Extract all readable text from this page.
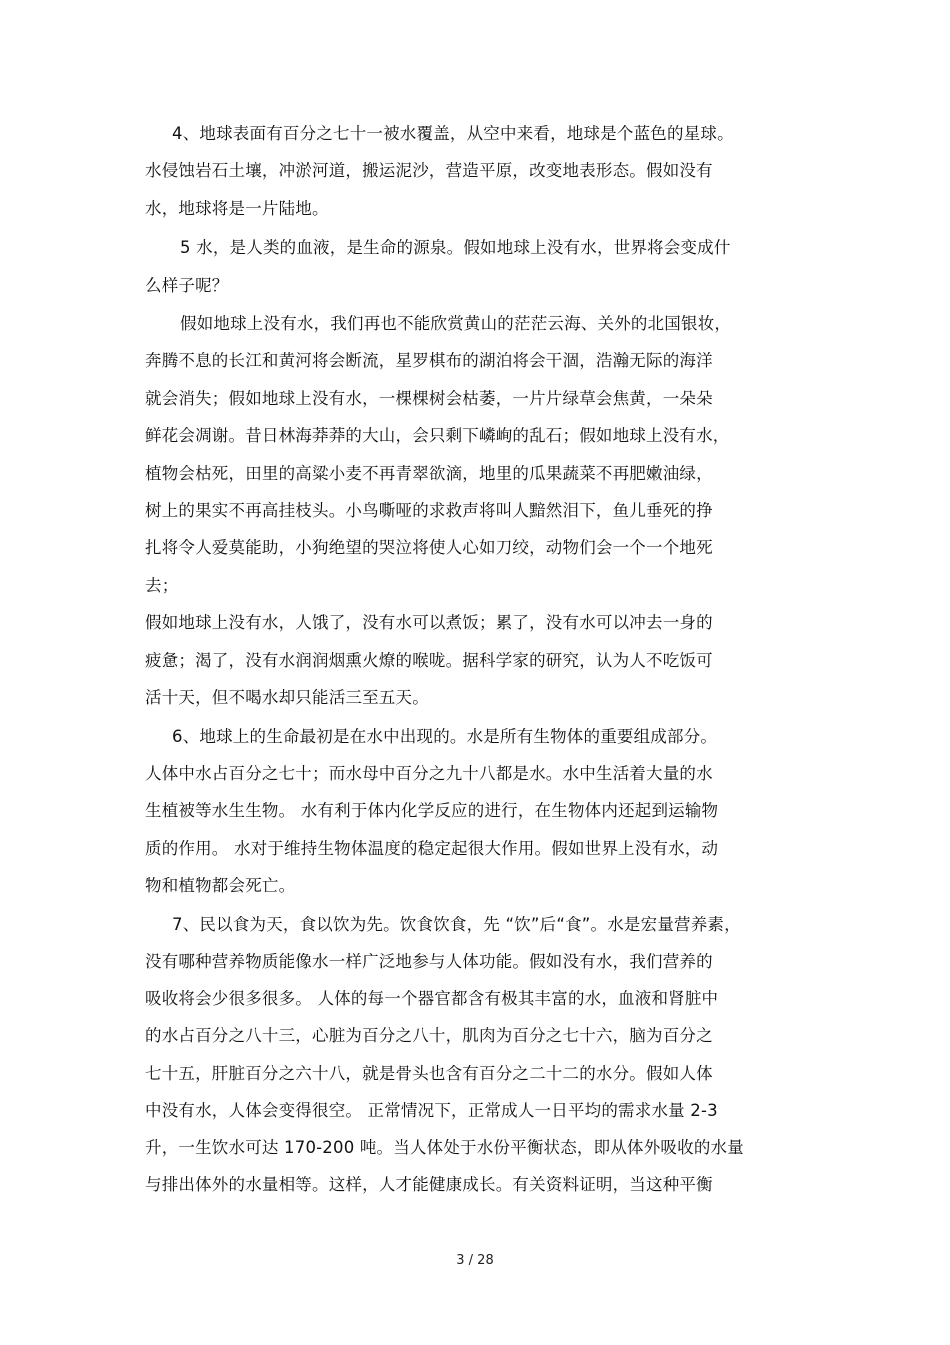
4、地球表面有百分之七十一被水覆盖，从空中来看，地球是个蓝色的星球。
水侵蚀岩石土壤，冲淤河道，搬运泥沙，营造平原，改变地表形态。假如没有
水，地球将是一片陆地。
5 水，是人类的血液，是生命的源泉。假如地球上没有水，世界将会变成什
么样子呢？
假如地球上没有水，我们再也不能欣赏黄山的茫茫云海、关外的北国银妆，
奔腾不息的长江和黄河将会断流，星罗棋布的湖泊将会干涸，浩瀚无际的海洋
就会消失；假如地球上没有水，一棵棵树会枯萎，一片片绿草会焦黄，一朵朵
鲜花会凋谢。昔日林海莽莽的大山，会只剩下嶙峋的乱石；假如地球上没有水，
植物会枯死，田里的高粱小麦不再青翠欲滴，地里的瓜果蔬菜不再肥嫩油绿，
树上的果实不再高挂枝头。小鸟嘶哑的求救声将叫人黯然泪下，鱼儿垂死的挣
扎将令人爱莫能助，小狗绝望的哭泣将使人心如刀绞，动物们会一个一个地死
去；
假如地球上没有水，人饿了，没有水可以煮饭；累了，没有水可以冲去一身的
疲惫；渴了，没有水润润烟熏火燎的喉咙。据科学家的研究，认为人不吃饭可
活十天，但不喝水却只能活三至五天。
6、地球上的生命最初是在水中出现的。水是所有生物体的重要组成部分。
人体中水占百分之七十；而水母中百分之九十八都是水。水中生活着大量的水
生植被等水生生物。 水有利于体内化学反应的进行，在生物体内还起到运输物
质的作用。 水对于维持生物体温度的稳定起很大作用。假如世界上没有水，动
物和植物都会死亡。
7、民以食为天，食以饮为先。饮食饮食，先 “饮”后“食”。水是宏量营养素，
没有哪种营养物质能像水一样广泛地参与人体功能。假如没有水，我们营养的
吸收将会少很多很多。 人体的每一个器官都含有极其丰富的水，血液和肾脏中
的水占百分之八十三，心脏为百分之八十，肌肉为百分之七十六，脑为百分之
七十五，肝脏百分之六十八，就是骨头也含有百分之二十二的水分。假如人体
中没有水，人体会变得很空。 正常情况下，正常成人一日平均的需求水量 2-3
升，一生饮水可达 170-200 吨。当人体处于水份平衡状态，即从体外吸收的水量
与排出体外的水量相等。这样，人才能健康成长。有关资料证明，当这种平衡
3 / 28
